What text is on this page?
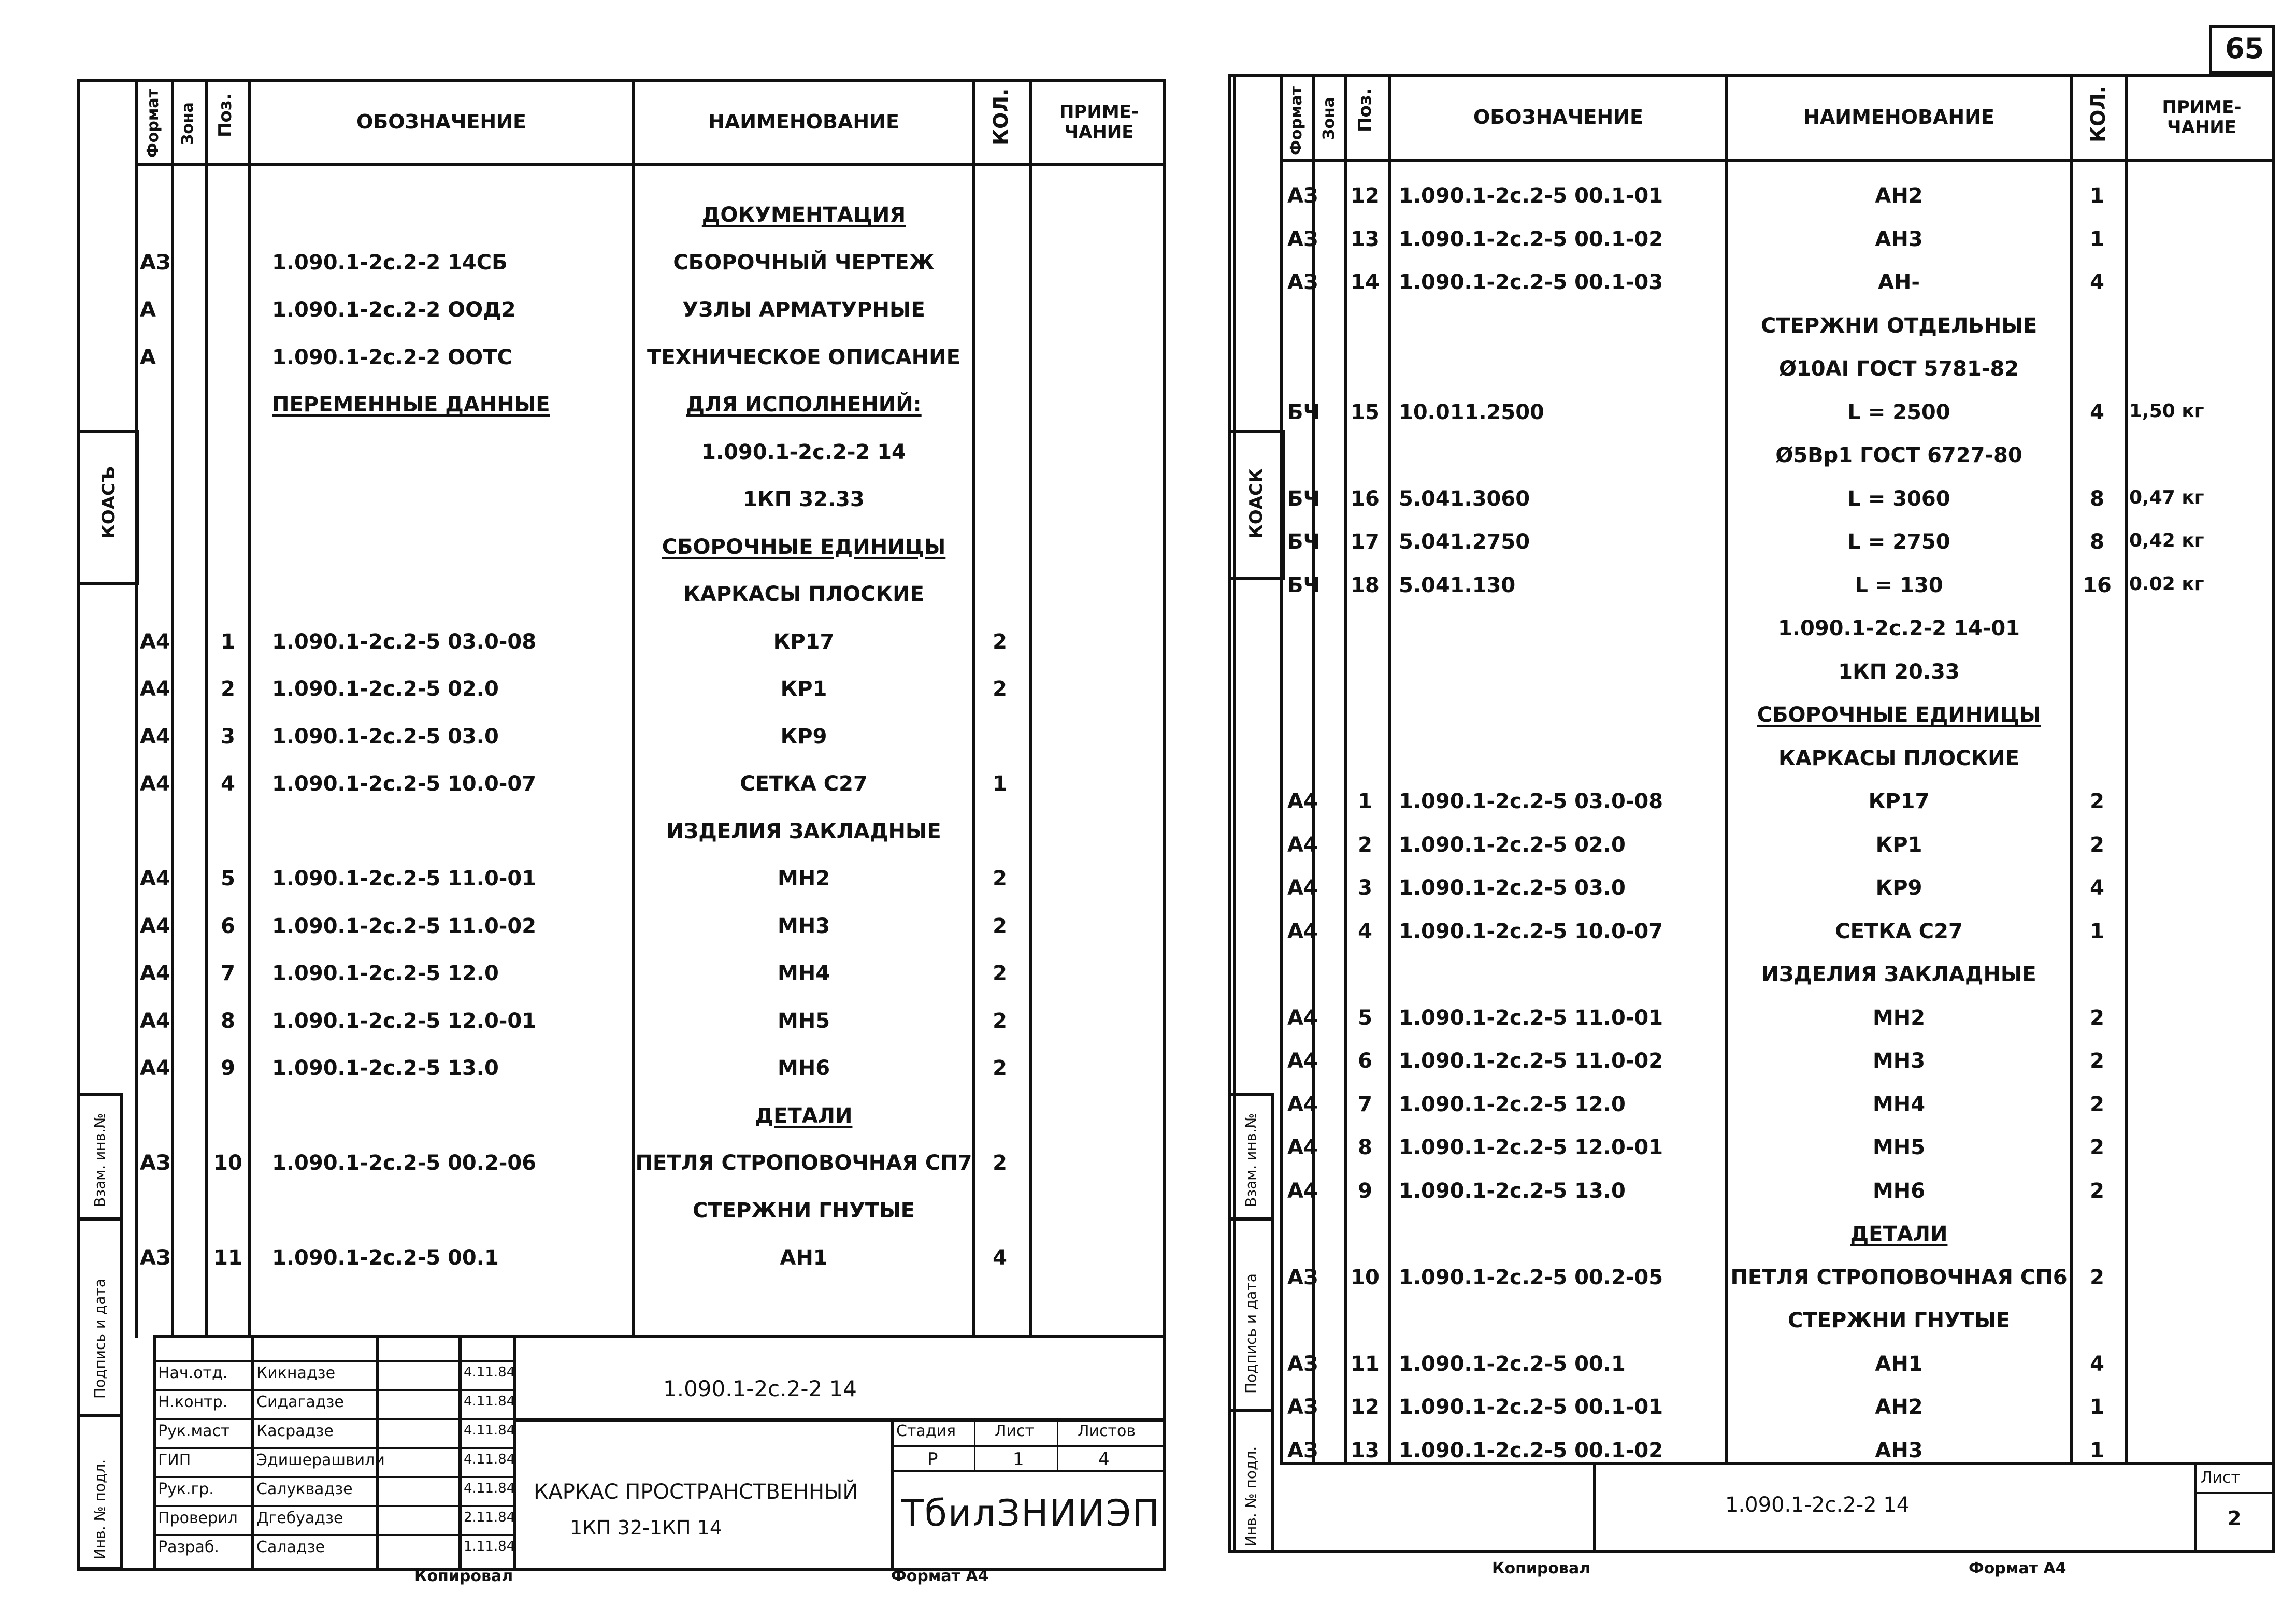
65
Формат Зона Поз.	ОБОЗНАЧЕНИЕ	НАИМЕНОВАНИЕ	КОЛ.	ПРИМЕ-
ЧАНИЕ
КОАСЪ
Взам. инв.№
Подпись и дата
Инв. № подл.
ДОКУМЕНТАЦИЯ
АЗ	1.090.1-2с.2-2 14СБ	СБОРОЧНЫЙ ЧЕРТЕЖ
А	1.090.1-2с.2-2 ООД2	УЗЛЫ АРМАТУРНЫЕ
А	1.090.1-2с.2-2 ООТС	ТЕХНИЧЕСКОЕ ОПИСАНИЕ
ПЕРЕМЕННЫЕ ДАННЫЕ	ДЛЯ ИСПОЛНЕНИЙ:
1.090.1-2с.2-2 14
1КП 32.33
СБОРОЧНЫЕ ЕДИНИЦЫ
КАРКАСЫ ПЛОСКИЕ
А4	1	1.090.1-2с.2-5 03.0-08	КР17	2
А4	2	1.090.1-2с.2-5 02.0	КР1	2
А4	3	1.090.1-2с.2-5 03.0	КР9
А4	4	1.090.1-2с.2-5 10.0-07	СЕТКА С27	1
ИЗДЕЛИЯ ЗАКЛАДНЫЕ
А4	5	1.090.1-2с.2-5 11.0-01	МН2	2
А4	6	1.090.1-2с.2-5 11.0-02	МН3	2
А4	7	1.090.1-2с.2-5 12.0	МН4	2
А4	8	1.090.1-2с.2-5 12.0-01	МН5	2
А4	9	1.090.1-2с.2-5 13.0	МН6	2
ДЕТАЛИ
АЗ 10 1.090.1-2с.2-5 00.2-06	ПЕТЛЯ СТРОПОВОЧНАЯ СП7 2
СТЕРЖНИ ГНУТЫЕ
АЗ 11 1.090.1-2с.2-5 00.1	АН1	4
1.090.1-2с.2-2 14
Нач.отд. Кикнадзе	4.11.84
Н.контр. Сидагадзе	4.11.84
Рук.маст Касрадзе	4.11.84
ГИП	Эдишерашвили	4.11.84
Рук.гр.	Салуквадзе	4.11.84
Проверил Дгебуадзе	2.11.84
Разраб. Саладзе	1.11.84
КАРКАС ПРОСТРАНСТВЕННЫЙ
1КП 32-1КП 14
Стадия Лист	Листов
Р	1	4
ТбилЗНИИЭП
Копировал	Формат А4
Формат Зона Поз.	ОБОЗНАЧЕНИЕ	НАИМЕНОВАНИЕ	КОЛ.	ПРИМЕ-
ЧАНИЕ
КОАСК
Взам. инв.№
Подпись и дата
Инв. № подл.
АЗ 12 1.090.1-2с.2-5 00.1-01	АН2	1
АЗ 13 1.090.1-2с.2-5 00.1-02	АН3	1
АЗ 14 1.090.1-2с.2-5 00.1-03	АН-	4
СТЕРЖНИ ОТДЕЛЬНЫЕ
Ø10АI ГОСТ 5781-82
БЧ 15 10.011.2500	L = 2500	4	1,50 кг
Ø5Вр1 ГОСТ 6727-80
БЧ 16 5.041.3060	L = 3060	8	0,47 кг
БЧ 17 5.041.2750	L = 2750	8	0,42 кг
БЧ 18 5.041.130	L = 130	16 0.02 кг
1.090.1-2с.2-2 14-01
1КП 20.33
СБОРОЧНЫЕ ЕДИНИЦЫ
КАРКАСЫ ПЛОСКИЕ
А4	1	1.090.1-2с.2-5 03.0-08	КР17	2
А4	2	1.090.1-2с.2-5 02.0	КР1	2
А4	3	1.090.1-2с.2-5 03.0	КР9	4
А4	4	1.090.1-2с.2-5 10.0-07	СЕТКА С27	1
ИЗДЕЛИЯ ЗАКЛАДНЫЕ
А4	5	1.090.1-2с.2-5 11.0-01	МН2	2
А4	6	1.090.1-2с.2-5 11.0-02	МН3	2
А4	7	1.090.1-2с.2-5 12.0	МН4	2
А4	8	1.090.1-2с.2-5 12.0-01	МН5	2
А4	9	1.090.1-2с.2-5 13.0	МН6	2
ДЕТАЛИ
АЗ 10 1.090.1-2с.2-5 00.2-05	ПЕТЛЯ СТРОПОВОЧНАЯ СП6	2
СТЕРЖНИ ГНУТЫЕ
АЗ 11 1.090.1-2с.2-5 00.1	АН1	4
АЗ 12 1.090.1-2с.2-5 00.1-01	АН2	1
АЗ 13 1.090.1-2с.2-5 00.1-02	АН3	1
1.090.1-2с.2-2 14
Лист
2
Копировал	Формат А4
